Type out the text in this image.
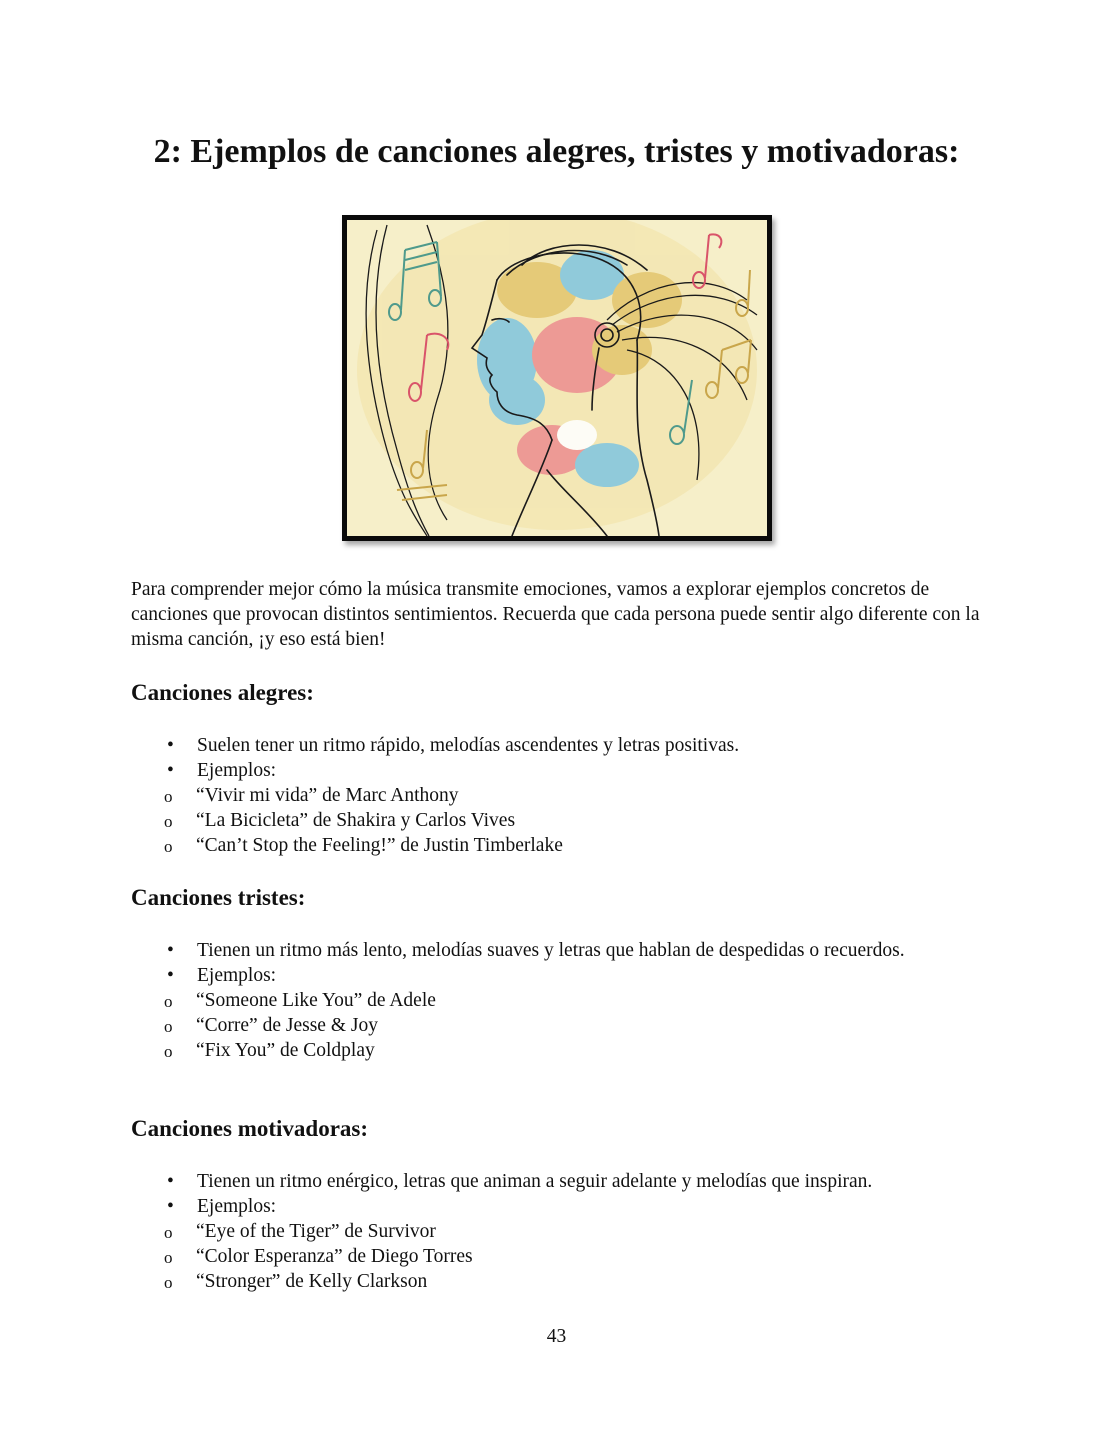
2: Ejemplos de canciones alegres, tristes y motivadoras:

Para comprender mejor cómo la música transmite emociones, vamos a explorar ejemplos concretos de canciones que provocan distintos sentimientos. Recuerda que cada persona puede sentir algo diferente con la misma canción, ¡y eso está bien!

Canciones alegres:
• Suelen tener un ritmo rápido, melodías ascendentes y letras positivas.
• Ejemplos:
o “Vivir mi vida” de Marc Anthony
o “La Bicicleta” de Shakira y Carlos Vives
o “Can’t Stop the Feeling!” de Justin Timberlake
Canciones tristes:
• Tienen un ritmo más lento, melodías suaves y letras que hablan de despedidas o recuerdos.
• Ejemplos:
o “Someone Like You” de Adele
o “Corre” de Jesse & Joy
o “Fix You” de Coldplay
Canciones motivadoras:
• Tienen un ritmo enérgico, letras que animan a seguir adelante y melodías que inspiran.
• Ejemplos:
o “Eye of the Tiger” de Survivor
o “Color Esperanza” de Diego Torres
o “Stronger” de Kelly Clarkson
43
